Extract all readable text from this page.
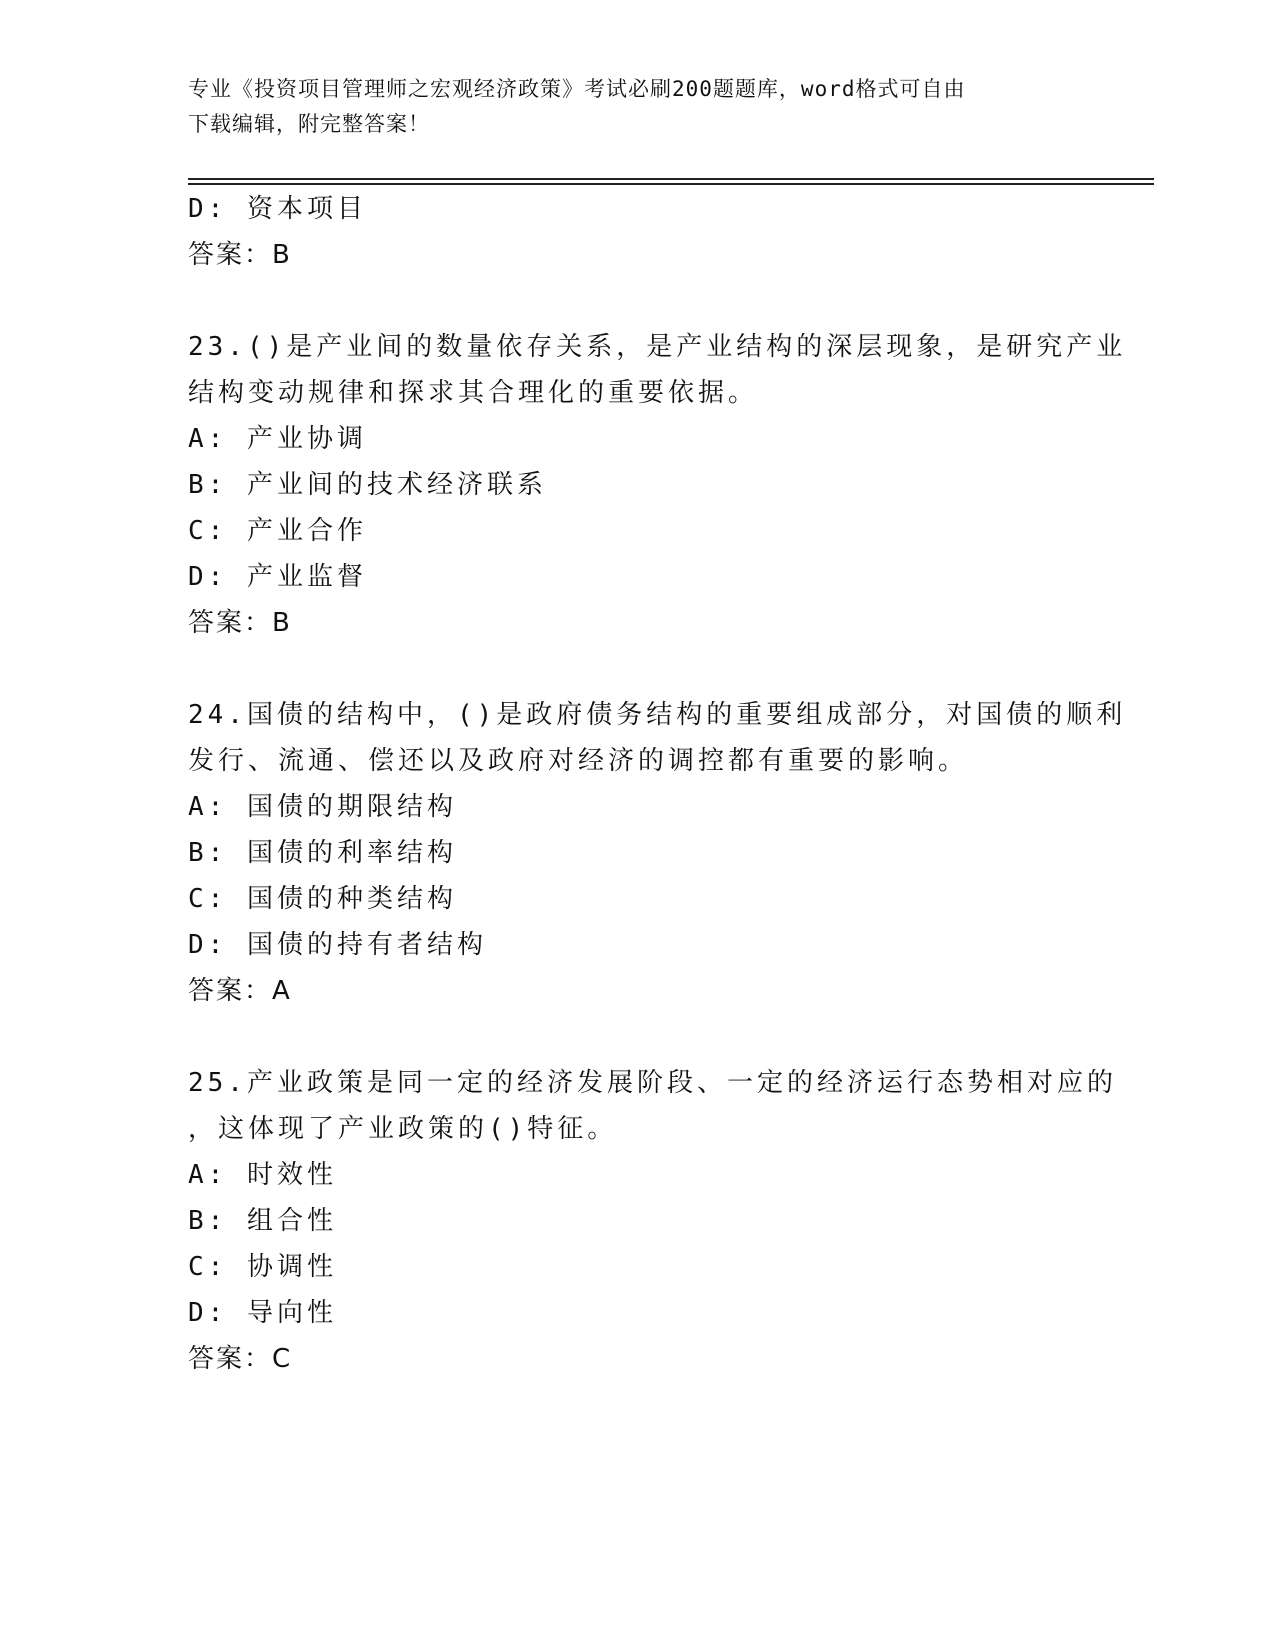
专业《投资项目管理师之宏观经济政策》考试必刷200题题库，word格式可自由
下载编辑，附完整答案！
D: 资本项目
答案：B
23.()是产业间的数量依存关系，是产业结构的深层现象，是研究产业
结构变动规律和探求其合理化的重要依据。
A: 产业协调
B: 产业间的技术经济联系
C: 产业合作
D: 产业监督
答案：B
24.国债的结构中，()是政府债务结构的重要组成部分，对国债的顺利
发行、流通、偿还以及政府对经济的调控都有重要的影响。
A: 国债的期限结构
B: 国债的利率结构
C: 国债的种类结构
D: 国债的持有者结构
答案：A
25.产业政策是同一定的经济发展阶段、一定的经济运行态势相对应的
，这体现了产业政策的()特征。
A: 时效性
B: 组合性
C: 协调性
D: 导向性
答案：C
